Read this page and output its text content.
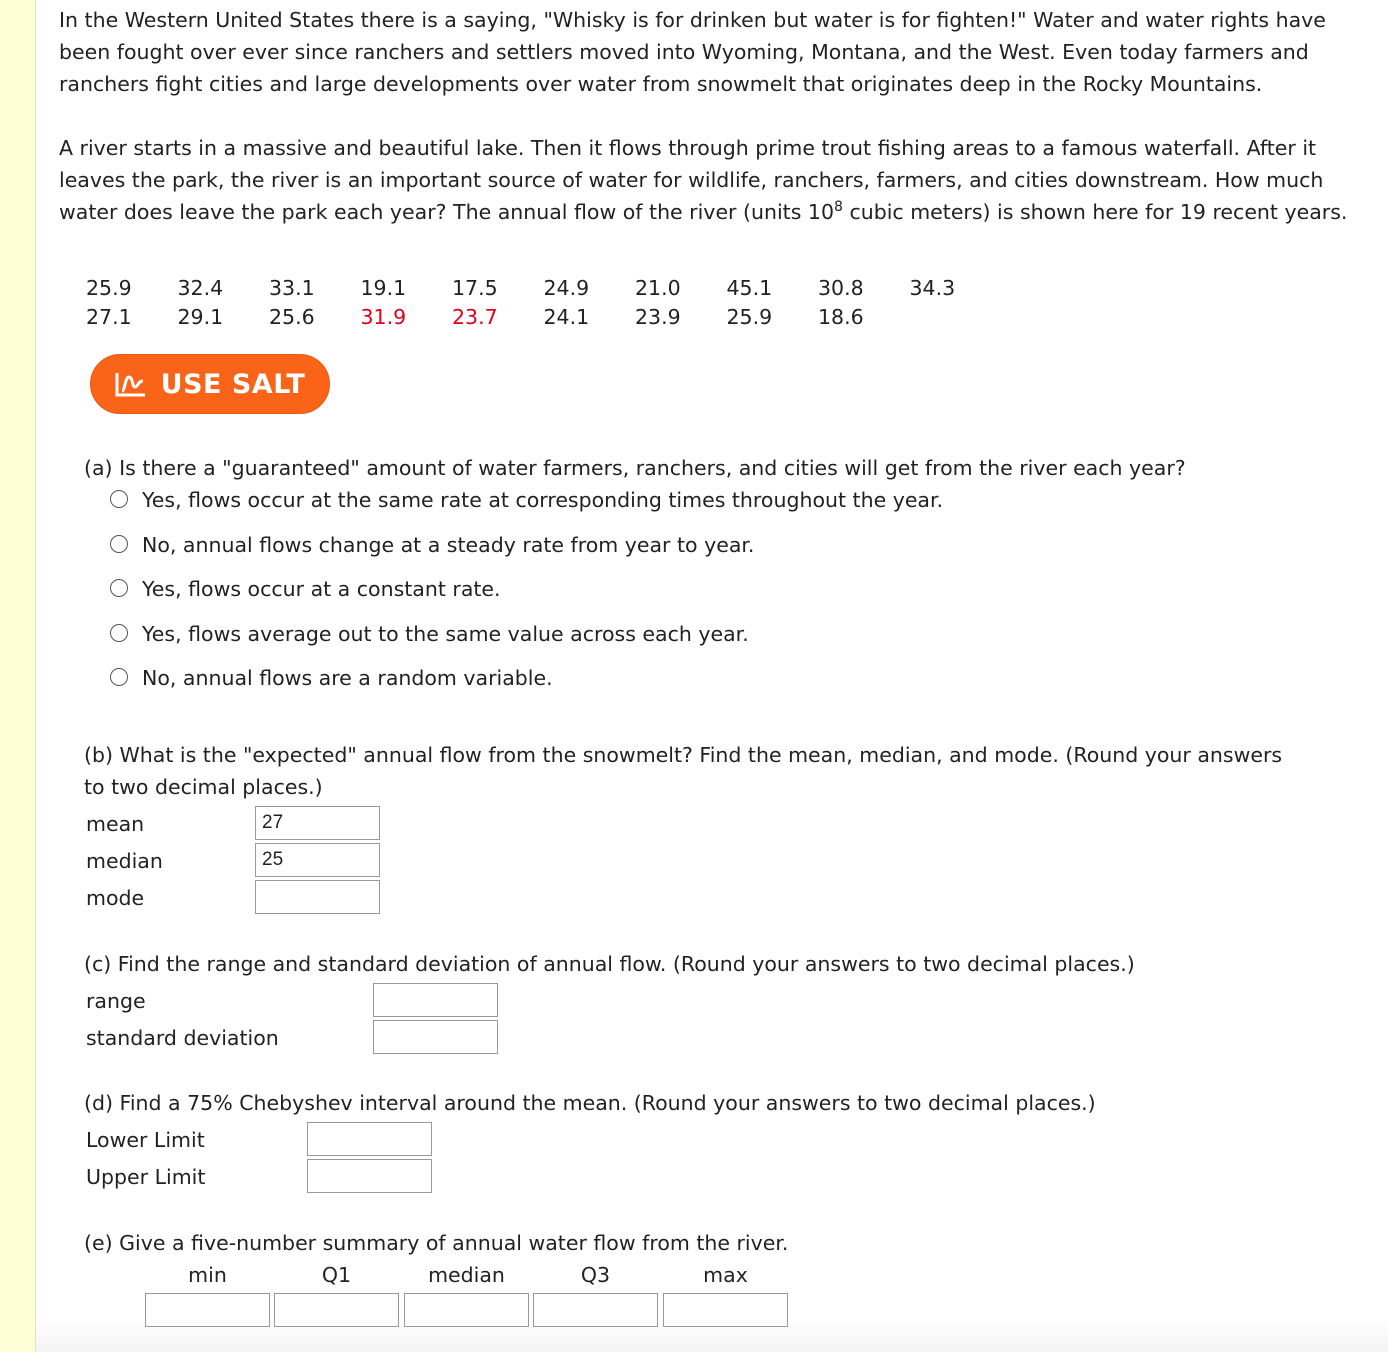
In the Western United States there is a saying, "Whisky is for drinken but water is for fighten!" Water and water rights have been fought over ever since ranchers and settlers moved into Wyoming, Montana, and the West. Even today farmers and ranchers fight cities and large developments over water from snowmelt that originates deep in the Rocky Mountains.

A river starts in a massive and beautiful lake. Then it flows through prime trout fishing areas to a famous waterfall. After it leaves the park, the river is an important source of water for wildlife, ranchers, farmers, and cities downstream. How much water does leave the park each year? The annual flow of the river (units $10^8$ cubic meters) is shown here for 19 recent years.

25.9 32.4 33.1 19.1 17.5 24.9 21.0 45.1 30.8 34.3
27.1 29.1 25.6 31.9 23.7 24.1 23.9 25.9 18.6
USE SALT

(a) Is there a "guaranteed" amount of water farmers, ranchers, and cities will get from the river each year?

Yes, flows occur at the same rate at corresponding times throughout the year.
No, annual flows change at a steady rate from year to year.
Yes, flows occur at a constant rate.
Yes, flows average out to the same value across each year.
No, annual flows are a random variable.

(b) What is the "expected" annual flow from the snowmelt? Find the mean, median, and mode. (Round your answers to two decimal places.)

mean
27
median
25
mode

(c) Find the range and standard deviation of annual flow. (Round your answers to two decimal places.)

range
standard deviation

(d) Find a 75% Chebyshev interval around the mean. (Round your answers to two decimal places.)

Lower Limit
Upper Limit

(e) Give a five-number summary of annual water flow from the river.

min	Q1	median	Q3	max
